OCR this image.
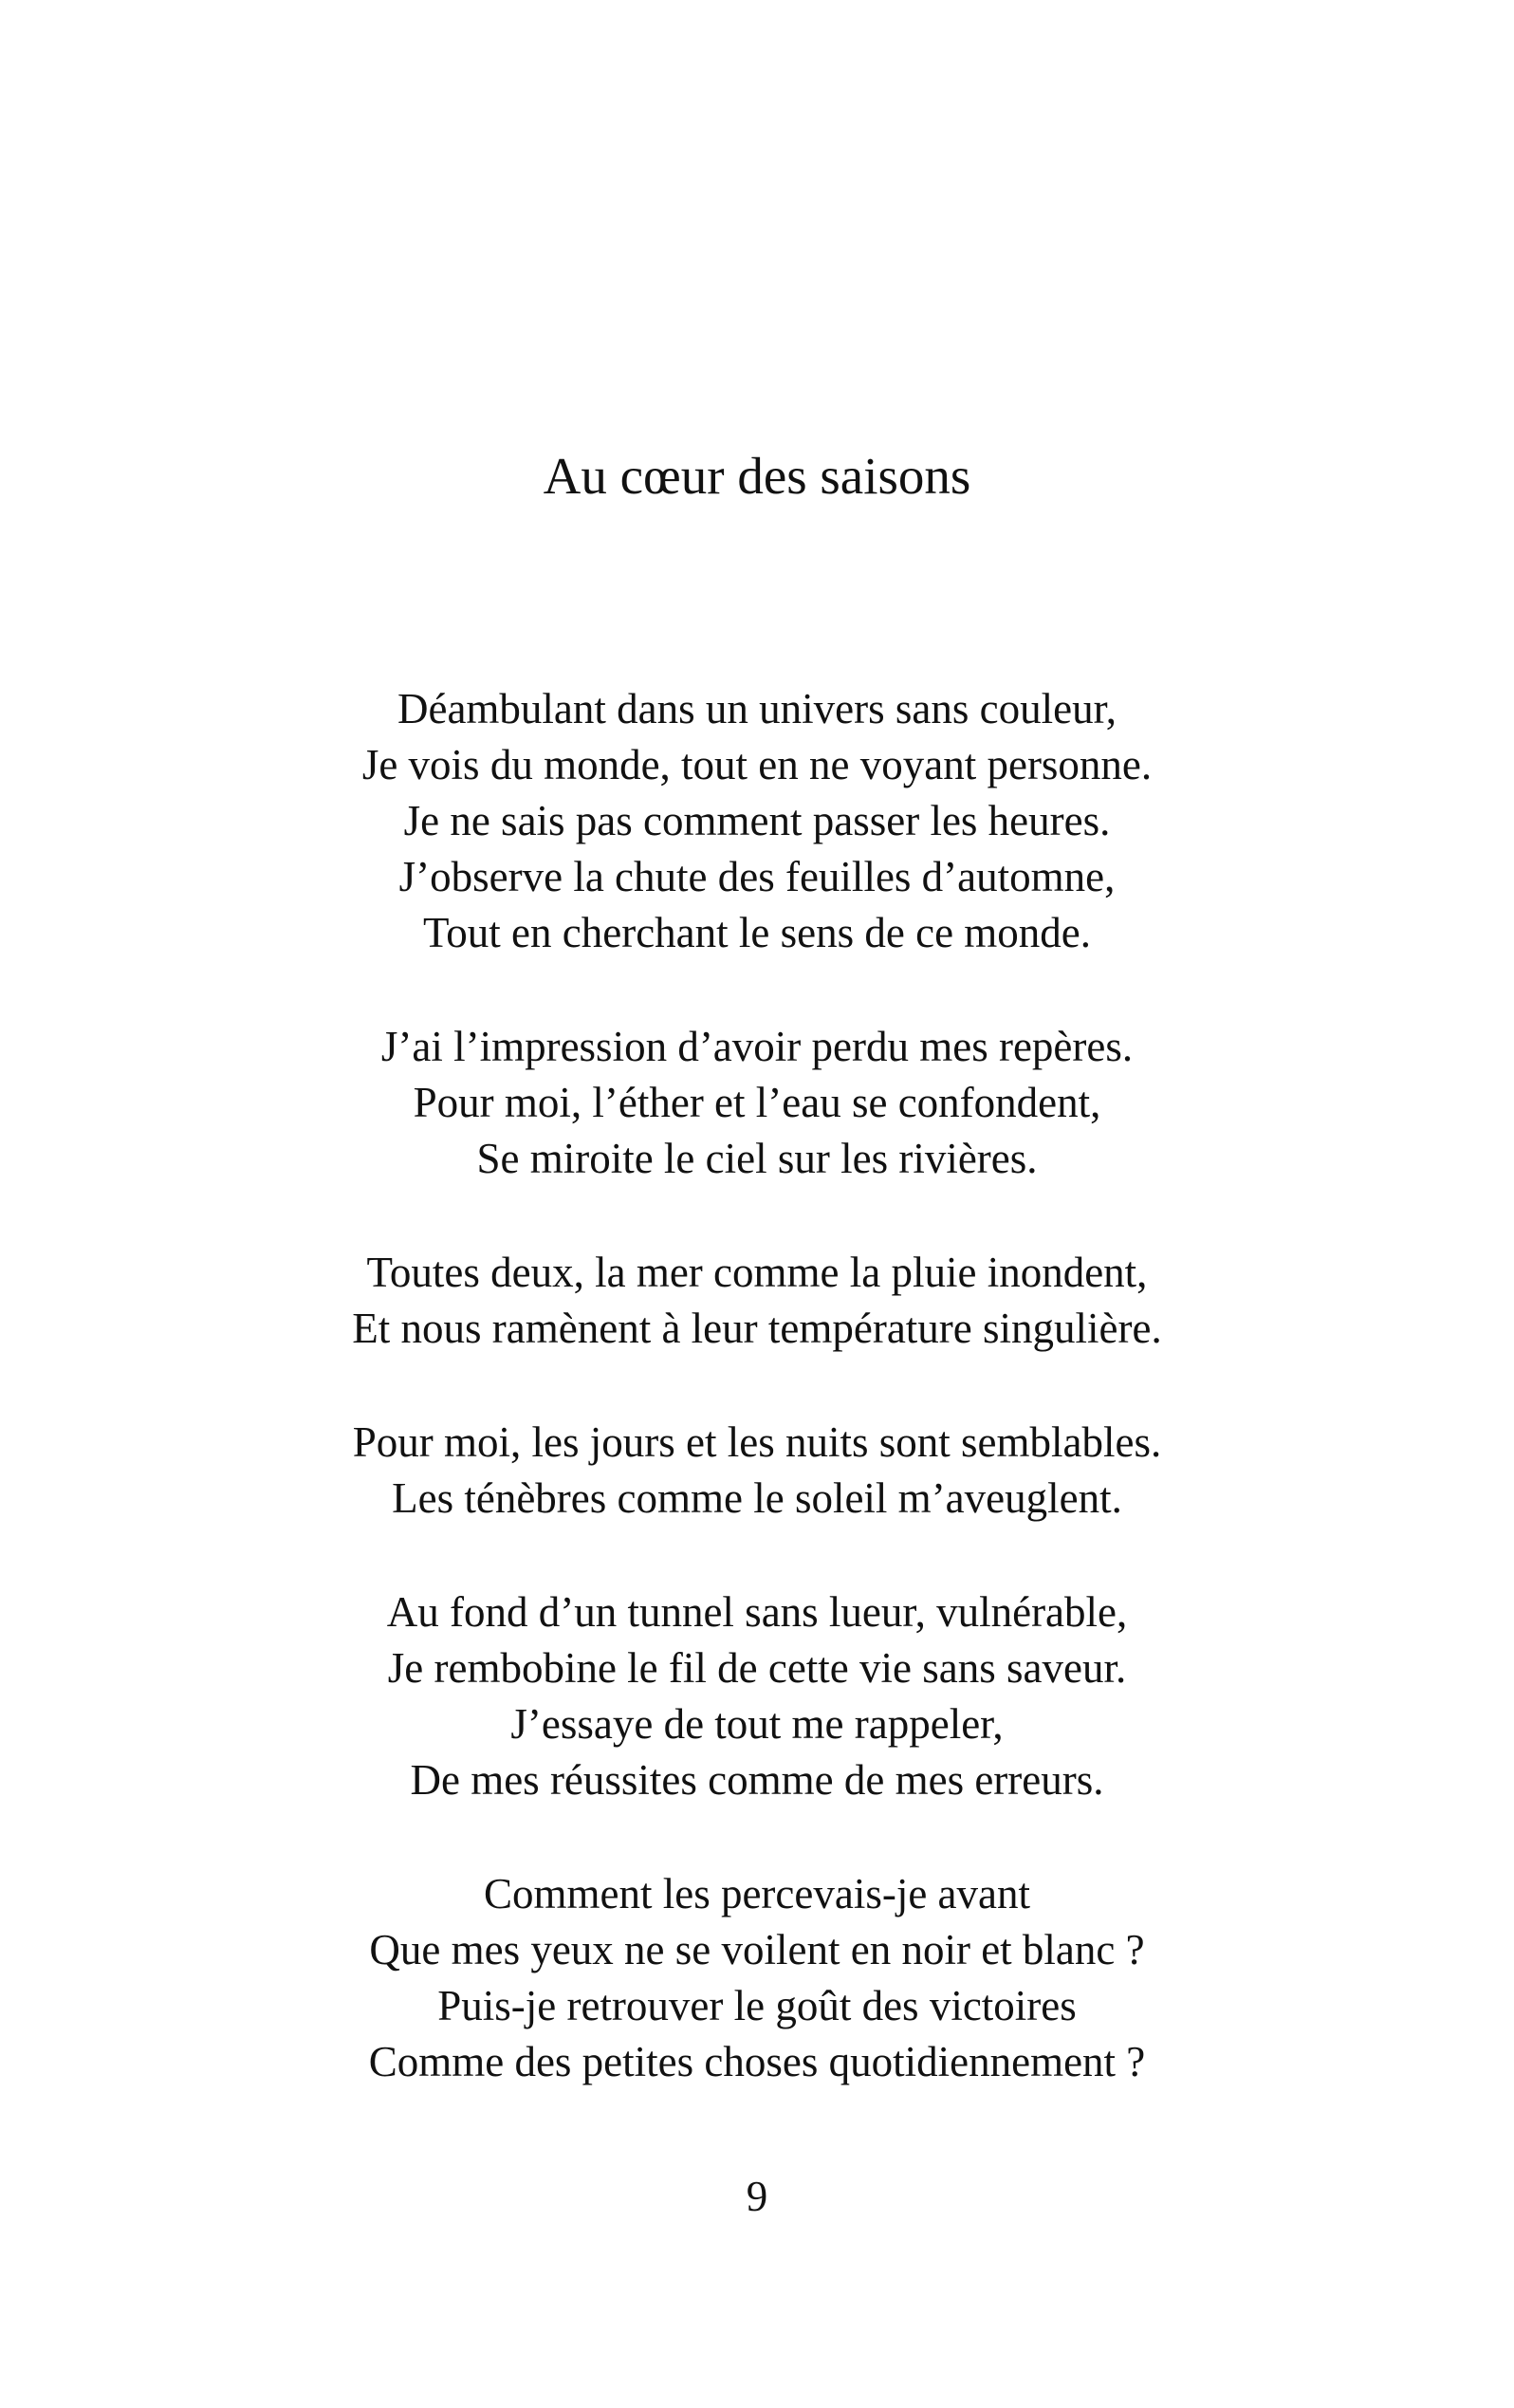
Au cœur des saisons
Déambulant dans un univers sans couleur,
Je vois du monde, tout en ne voyant personne.
Je ne sais pas comment passer les heures.
J’observe la chute des feuilles d’automne,
Tout en cherchant le sens de ce monde.
J’ai l’impression d’avoir perdu mes repères.
Pour moi, l’éther et l’eau se confondent,
Se miroite le ciel sur les rivières.
Toutes deux, la mer comme la pluie inondent,
Et nous ramènent à leur température singulière.
Pour moi, les jours et les nuits sont semblables.
Les ténèbres comme le soleil m’aveuglent.
Au fond d’un tunnel sans lueur, vulnérable,
Je rembobine le fil de cette vie sans saveur.
J’essaye de tout me rappeler,
De mes réussites comme de mes erreurs.
Comment les percevais-je avant
Que mes yeux ne se voilent en noir et blanc ?
Puis-je retrouver le goût des victoires
Comme des petites choses quotidiennement ?
9
